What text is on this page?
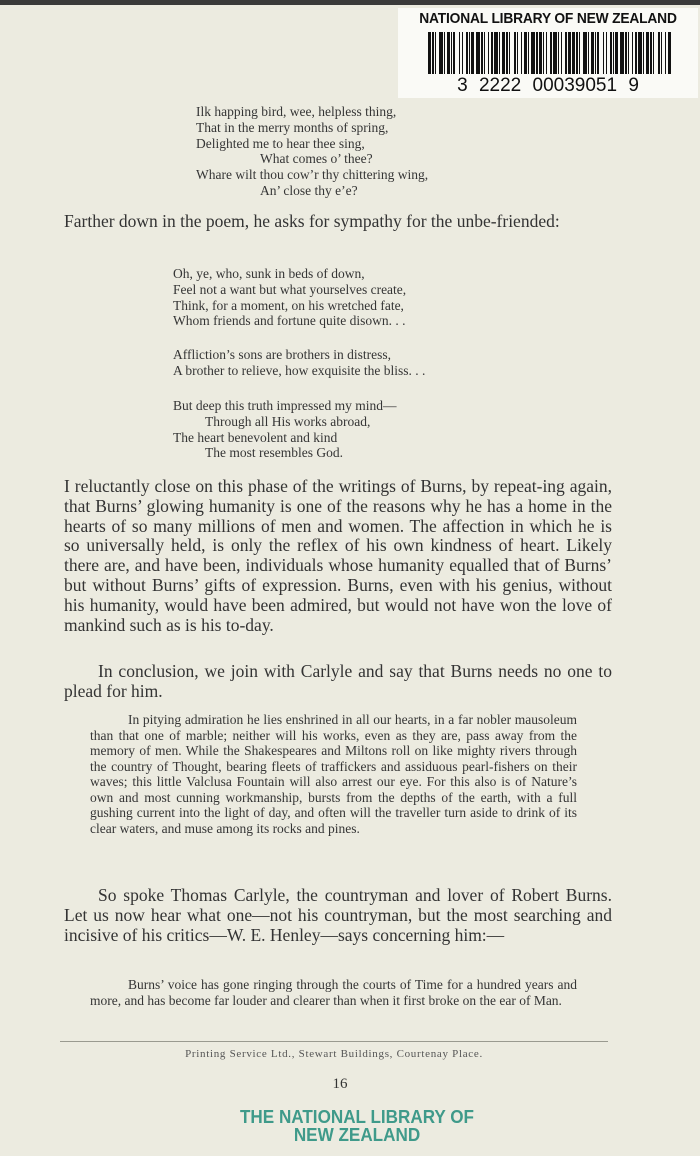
NATIONAL LIBRARY OF NEW ZEALAND
3 2222 00039051 9
Ilk happing bird, wee, helpless thing,
That in the merry months of spring,
Delighted me to hear thee sing,
What comes o’ thee?
Whare wilt thou cow’r thy chittering wing,
An’ close thy e’e?

Farther down in the poem, he asks for sympathy for the unbe-friended:

Oh, ye, who, sunk in beds of down,
Feel not a want but what yourselves create,
Think, for a moment, on his wretched fate,
Whom friends and fortune quite disown. . .
Affliction’s sons are brothers in distress,
A brother to relieve, how exquisite the bliss. . .
But deep this truth impressed my mind—
Through all His works abroad,
The heart benevolent and kind
The most resembles God.

I reluctantly close on this phase of the writings of Burns, by repeat-ing again, that Burns’ glowing humanity is one of the reasons why he has a home in the hearts of so many millions of men and women. The affection in which he is so universally held, is only the reflex of his own kindness of heart. Likely there are, and have been, individuals whose humanity equalled that of Burns’ but without Burns’ gifts of expression. Burns, even with his genius, without his humanity, would have been admired, but would not have won the love of mankind such as is his to-day.

In conclusion, we join with Carlyle and say that Burns needs no one to plead for him.

In pitying admiration he lies enshrined in all our hearts, in a far nobler mausoleum than that one of marble; neither will his works, even as they are, pass away from the memory of men. While the Shakespeares and Miltons roll on like mighty rivers through the country of Thought, bearing fleets of traffickers and assiduous pearl-fishers on their waves; this little Valclusa Fountain will also arrest our eye. For this also is of Nature’s own and most cunning workmanship, bursts from the depths of the earth, with a full gushing current into the light of day, and often will the traveller turn aside to drink of its clear waters, and muse among its rocks and pines.

So spoke Thomas Carlyle, the countryman and lover of Robert Burns. Let us now hear what one—not his countryman, but the most searching and incisive of his critics—W. E. Henley—says concerning him:—

Burns’ voice has gone ringing through the courts of Time for a hundred years and more, and has become far louder and clearer than when it first broke on the ear of Man.

Printing Service Ltd., Stewart Buildings, Courtenay Place.
16
THE NATIONAL LIBRARY OF
NEW ZEALAND
